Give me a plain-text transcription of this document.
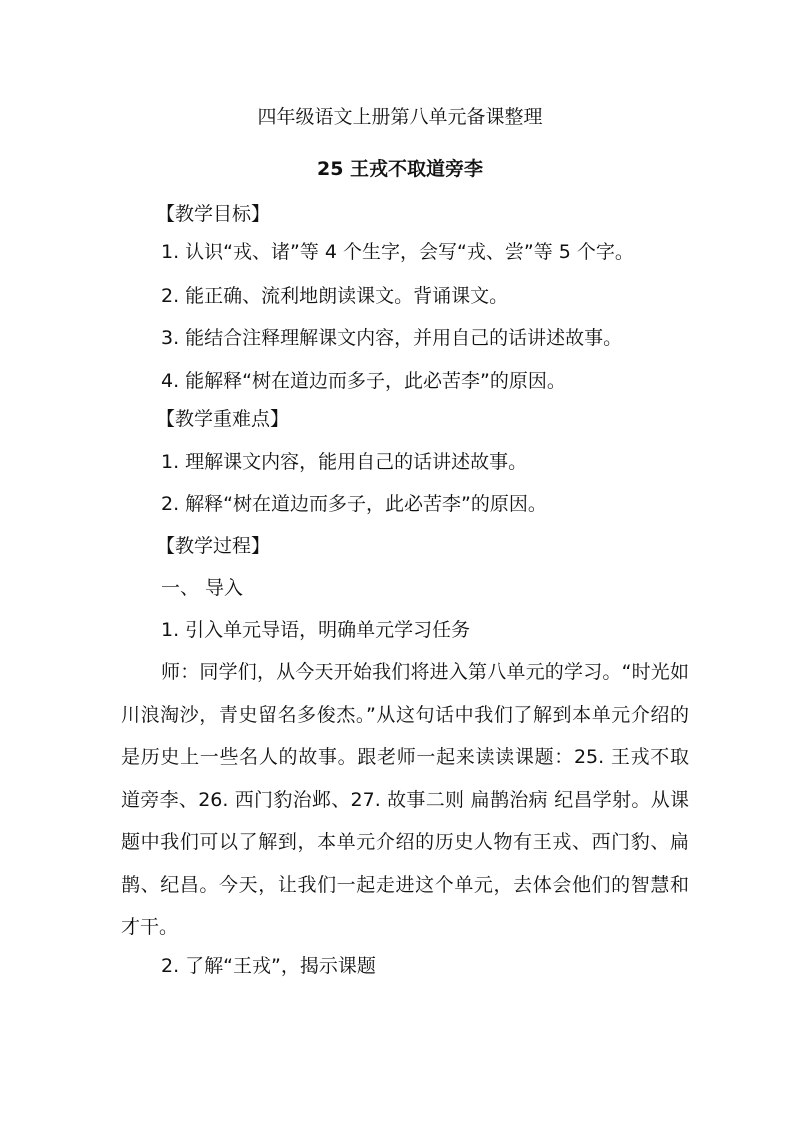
四年级语文上册第八单元备课整理
25 王戎不取道旁李
【教学目标】
1. 认识“戎、诸”等 4 个生字，会写“戎、尝”等 5 个字。
2. 能正确、流利地朗读课文。背诵课文。
3. 能结合注释理解课文内容，并用自己的话讲述故事。
4. 能解释“树在道边而多子，此必苦李”的原因。
【教学重难点】
1. 理解课文内容，能用自己的话讲述故事。
2. 解释“树在道边而多子，此必苦李”的原因。
【教学过程】
一、 导入
1. 引入单元导语，明确单元学习任务
师：同学们，从今天开始我们将进入第八单元的学习。“时光如川浪淘沙，青史留名多俊杰。”从这句话中我们了解到本单元介绍的是历史上一些名人的故事。跟老师一起来读读课题：25. 王戎不取道旁李、26. 西门豹治邺、27. 故事二则 扁鹊治病 纪昌学射。从课题中我们可以了解到，本单元介绍的历史人物有王戎、西门豹、扁鹊、纪昌。今天，让我们一起走进这个单元，去体会他们的智慧和才干。
2. 了解“王戎”，揭示课题
